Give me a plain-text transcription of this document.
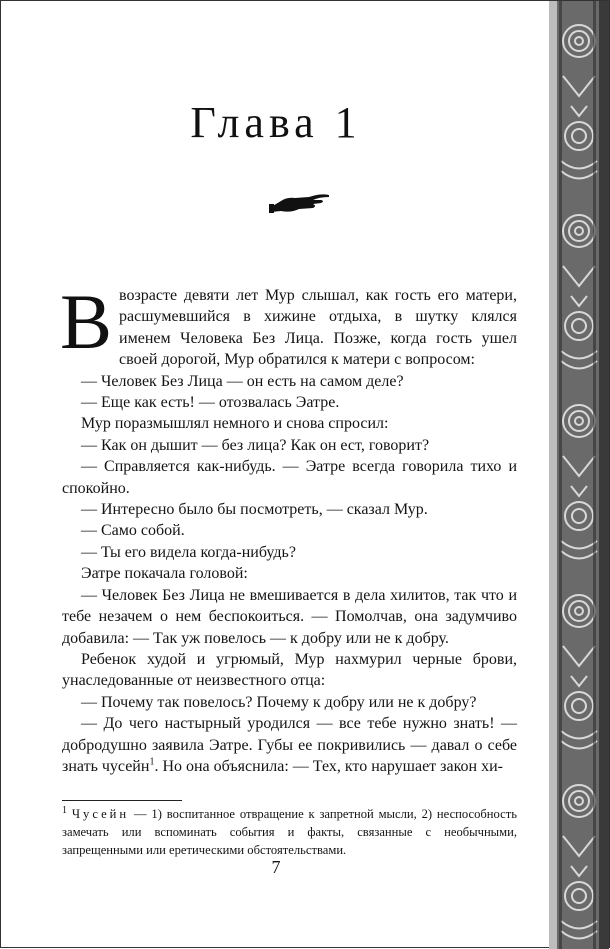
Глава 1

Ввозрасте девяти лет Мур слышал, как гость его матери, расшумевшийся в хижине отдыха, в шутку клялся именем Человека Без Лица. Позже, когда гость ушел своей дорогой, Мур обратился к матери с вопросом:

— Человек Без Лица — он есть на самом деле?

— Еще как есть! — отозвалась Эатре.

Мур поразмышлял немного и снова спросил:

— Как он дышит — без лица? Как он ест, говорит?

— Справляется как-нибудь. — Эатре всегда говорила тихо и спокойно.

— Интересно было бы посмотреть, — сказал Мур.

— Само собой.

— Ты его видела когда-нибудь?

Эатре покачала головой:

— Человек Без Лица не вмешивается в дела хилитов, так что и тебе незачем о нем беспокоиться. — Помолчав, она задумчиво добавила: — Так уж повелось — к добру или не к добру.

Ребенок худой и угрюмый, Мур нахмурил черные брови, унаследованные от неизвестного отца:

— Почему так повелось? Почему к добру или не к добру?

— До чего настырный уродился — все тебе нужно знать! — добродушно заявила Эатре. Губы ее покривились — давал о себе знать чусейн$^1$. Но она объяснила: — Тех, кто нарушает закон хи-

$^1$ Чусейн — 1) воспитанное отвращение к запретной мысли, 2) неспособность замечать или вспоминать события и факты, связанные с необычными, запрещенными или еретическими обстоятельствами.
7
